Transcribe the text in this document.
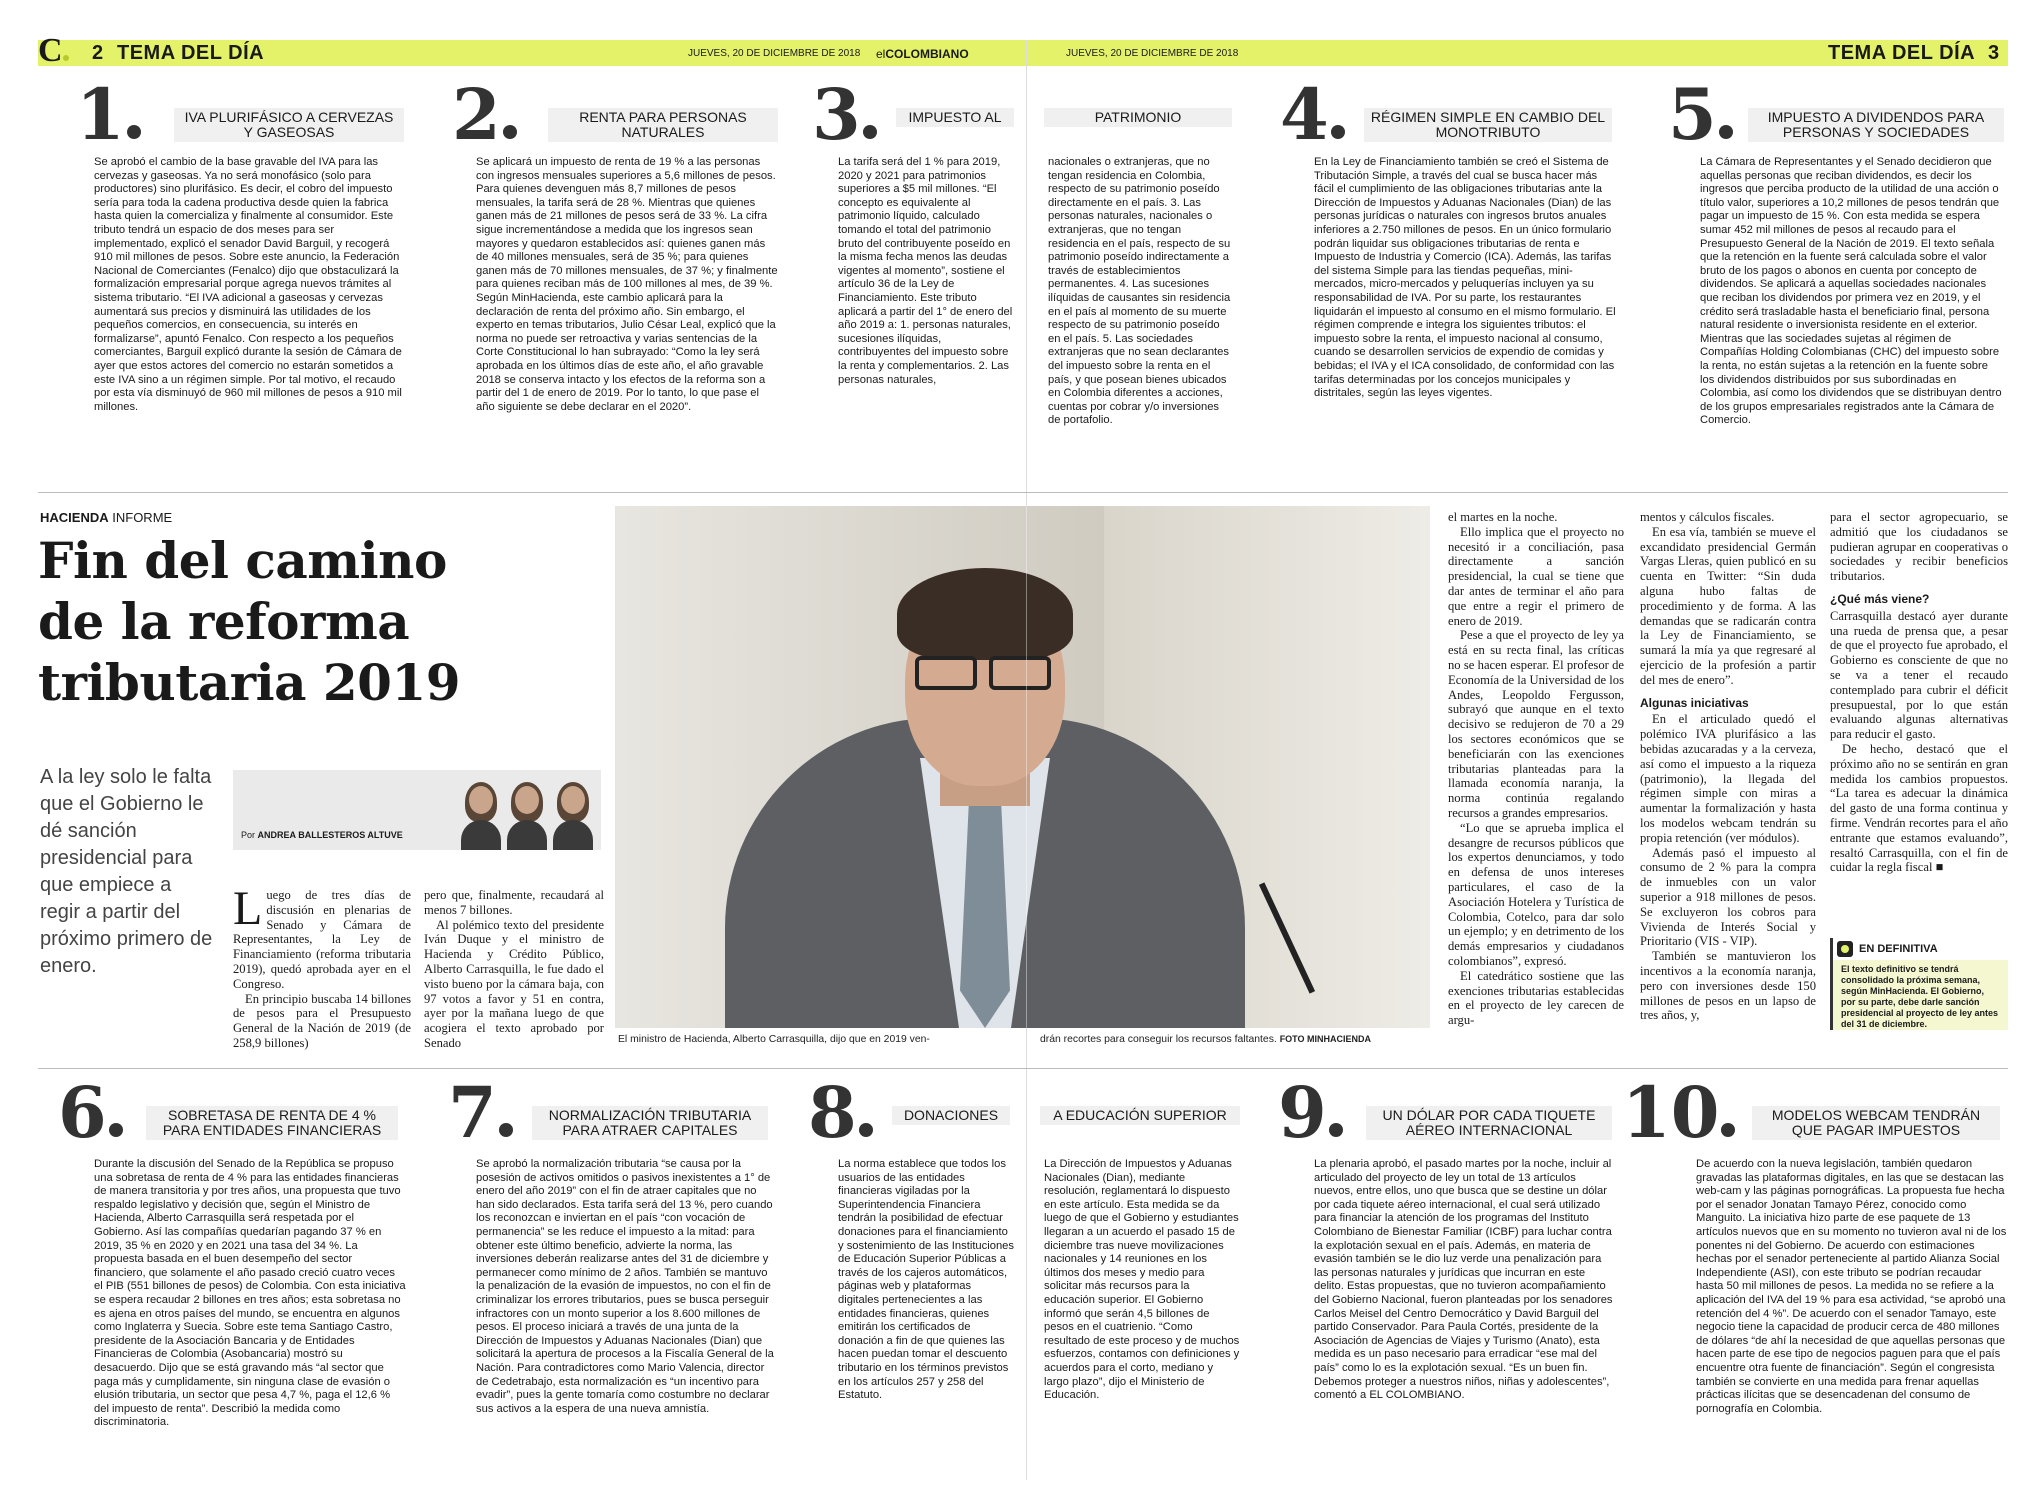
C	2 TEMA DEL DÍA	JUEVES, 20 DE DICIEMBRE DE 2018 elCOLOMBIANO	JUEVES, 20 DE DICIEMBRE DE 2018	TEMA DEL DÍA 3
1	IVA PLURIFÁSICO A CERVEZAS Y GASEOSAS
Se aprobó el cambio de la base gravable del IVA para las cervezas y gaseosas. Ya no será monofásico (solo para productores) sino plurifásico. Es decir, el cobro del impuesto sería para toda la cadena productiva desde quien la fabrica hasta quien la comercializa y finalmente al consumidor. Este tributo tendrá un espacio de dos meses para ser implementado, explicó el senador David Barguil, y recogerá 910 mil millones de pesos. Sobre este anuncio, la Federación Nacional de Comerciantes (Fenalco) dijo que obstaculizará la formalización empresarial porque agrega nuevos trámites al sistema tributario. “El IVA adicional a gaseosas y cervezas aumentará sus precios y disminuirá las utilidades de los pequeños comercios, en consecuencia, su interés en formalizarse”, apuntó Fenalco. Con respecto a los pequeños comerciantes, Barguil explicó durante la sesión de Cámara de ayer que estos actores del comercio no estarán sometidos a este IVA sino a un régimen simple. Por tal motivo, el recaudo por esta vía disminuyó de 960 mil millones de pesos a 910 mil millones.
2	RENTA PARA PERSONAS NATURALES
Se aplicará un impuesto de renta de 19 % a las personas con ingresos mensuales superiores a 5,6 millones de pesos. Para quienes devenguen más 8,7 millones de pesos mensuales, la tarifa será de 28 %. Mientras que quienes ganen más de 21 millones de pesos será de 33 %. La cifra sigue incrementándose a medida que los ingresos sean mayores y quedaron establecidos así: quienes ganen más de 40 millones mensuales, será de 35 %; para quienes ganen más de 70 millones mensuales, de 37 %; y finalmente para quienes reciban más de 100 millones al mes, de 39 %. Según MinHacienda, este cambio aplicará para la declaración de renta del próximo año. Sin embargo, el experto en temas tributarios, Julio César Leal, explicó que la norma no puede ser retroactiva y varias sentencias de la Corte Constitucional lo han subrayado: “Como la ley será aprobada en los últimos días de este año, el año gravable 2018 se conserva intacto y los efectos de la reforma son a partir del 1 de enero de 2019. Por lo tanto, lo que pase el año siguiente se debe declarar en el 2020”.
3	IMPUESTO AL	PATRIMONIO
La tarifa será del 1 % para 2019, 2020 y 2021 para patrimonios superiores a $5 mil millones. “El concepto es equivalente al patrimonio líquido, calculado tomando el total del patrimonio bruto del contribuyente poseído en la misma fecha menos las deudas vigentes al momento”, sostiene el artículo 36 de la Ley de Financiamiento. Este tributo aplicará a partir del 1° de enero del año 2019 a: 1. personas naturales, sucesiones ilíquidas, contribuyentes del impuesto sobre la renta y complementarios. 2. Las personas naturales,
nacionales o extranjeras, que no tengan residencia en Colombia, respecto de su patrimonio poseído directamente en el país. 3. Las personas naturales, nacionales o extranjeras, que no tengan residencia en el país, respecto de su patrimonio poseído indirectamente a través de establecimientos permanentes. 4. Las sucesiones ilíquidas de causantes sin residencia en el país al momento de su muerte respecto de su patrimonio poseído en el país. 5. Las sociedades extranjeras que no sean declarantes del impuesto sobre la renta en el país, y que posean bienes ubicados en Colombia diferentes a acciones, cuentas por cobrar y/o inversiones de portafolio.
4	RÉGIMEN SIMPLE EN CAMBIO DEL MONOTRIBUTO
En la Ley de Financiamiento también se creó el Sistema de Tributación Simple, a través del cual se busca hacer más fácil el cumplimiento de las obligaciones tributarias ante la Dirección de Impuestos y Aduanas Nacionales (Dian) de las personas jurídicas o naturales con ingresos brutos anuales inferiores a 2.750 millones de pesos. En un único formulario podrán liquidar sus obligaciones tributarias de renta e Impuesto de Industria y Comercio (ICA). Además, las tarifas del sistema Simple para las tiendas pequeñas, mini-mercados, micro-mercados y peluquerías incluyen ya su responsabilidad de IVA. Por su parte, los restaurantes liquidarán el impuesto al consumo en el mismo formulario. El régimen comprende e integra los siguientes tributos: el impuesto sobre la renta, el impuesto nacional al consumo, cuando se desarrollen servicios de expendio de comidas y bebidas; el IVA y el ICA consolidado, de conformidad con las tarifas determinadas por los concejos municipales y distritales, según las leyes vigentes.
5	IMPUESTO A DIVIDENDOS PARA PERSONAS Y SOCIEDADES
La Cámara de Representantes y el Senado decidieron que aquellas personas que reciban dividendos, es decir los ingresos que perciba producto de la utilidad de una acción o título valor, superiores a 10,2 millones de pesos tendrán que pagar un impuesto de 15 %. Con esta medida se espera sumar 452 mil millones de pesos al recaudo para el Presupuesto General de la Nación de 2019. El texto señala que la retención en la fuente será calculada sobre el valor bruto de los pagos o abonos en cuenta por concepto de dividendos. Se aplicará a aquellas sociedades nacionales que reciban los dividendos por primera vez en 2019, y el crédito será trasladable hasta el beneficiario final, persona natural residente o inversionista residente en el exterior. Mientras que las sociedades sujetas al régimen de Compañías Holding Colombianas (CHC) del impuesto sobre la renta, no están sujetas a la retención en la fuente sobre los dividendos distribuidos por sus subordinadas en Colombia, así como los dividendos que se distribuyan dentro de los grupos empresariales registrados ante la Cámara de Comercio.
HACIENDA INFORME
Fin del camino de la reforma tributaria 2019
A la ley solo le falta que el Gobierno le dé sanción presidencial para que empiece a regir a partir del próximo primero de enero.
Por ANDREA BALLESTEROS ALTUVE

Luego de tres días de discusión en plenarias de Senado y Cámara de Representantes, la Ley de Financiamiento (reforma tributaria 2019), quedó aprobada ayer en el Congreso.

En principio buscaba 14 billones de pesos para el Presupuesto General de la Nación de 2019 (de 258,9 billones)

pero que, finalmente, recaudará al menos 7 billones.

Al polémico texto del presidente Iván Duque y el ministro de Hacienda y Crédito Público, Alberto Carrasquilla, le fue dado el visto bueno por la cámara baja, con 97 votos a favor y 51 en contra, ayer por la mañana luego de que acogiera el texto aprobado por Senado	El ministro de Hacienda, Alberto Carrasquilla, dijo que en 2019 ven-	drán recortes para conseguir los recursos faltantes. FOTO MINHACIENDA

el martes en la noche.

Ello implica que el proyecto no necesitó ir a conciliación, pasa directamente a sanción presidencial, la cual se tiene que dar antes de terminar el año para que entre a regir el primero de enero de 2019.

Pese a que el proyecto de ley ya está en su recta final, las críticas no se hacen esperar. El profesor de Economía de la Universidad de los Andes, Leopoldo Fergusson, subrayó que aunque en el texto decisivo se redujeron de 70 a 29 los sectores económicos que se beneficiarán con las exenciones tributarias planteadas para la llamada economía naranja, la norma continúa regalando recursos a grandes empresarios.

“Lo que se aprueba implica el desangre de recursos públicos que los expertos denunciamos, y todo en defensa de unos intereses particulares, el caso de la Asociación Hotelera y Turística de Colombia, Cotelco, para dar solo un ejemplo; y en detrimento de los demás empresarios y ciudadanos colombianos”, expresó.

El catedrático sostiene que las exenciones tributarias establecidas en el proyecto de ley carecen de argu-

mentos y cálculos fiscales.

En esa vía, también se mueve el excandidato presidencial Germán Vargas Lleras, quien publicó en su cuenta en Twitter: “Sin duda alguna hubo faltas de procedimiento y de forma. A las demandas que se radicarán contra la Ley de Financiamiento, se sumará la mía ya que regresaré al ejercicio de la profesión a partir del mes de enero”.

Algunas iniciativas

En el articulado quedó el polémico IVA plurifásico a las bebidas azucaradas y a la cerveza, así como el impuesto a la riqueza (patrimonio), la llegada del régimen simple con miras a aumentar la formalización y hasta los modelos webcam tendrán su propia retención (ver módulos).

Además pasó el impuesto al consumo de 2 % para la compra de inmuebles con un valor superior a 918 millones de pesos. Se excluyeron los cobros para Vivienda de Interés Social y Prioritario (VIS - VIP).

También se mantuvieron los incentivos a la economía naranja, pero con inversiones desde 150 millones de pesos en un lapso de tres años, y,

para el sector agropecuario, se admitió que los ciudadanos se pudieran agrupar en cooperativas o sociedades y recibir beneficios tributarios.

¿Qué más viene?

Carrasquilla destacó ayer durante una rueda de prensa que, a pesar de que el proyecto fue aprobado, el Gobierno es consciente de que no se va a tener el recaudo contemplado para cubrir el déficit presupuestal, por lo que están evaluando algunas alternativas para reducir el gasto.

De hecho, destacó que el próximo año no se sentirán en gran medida los cambios propuestos. “La tarea es adecuar la dinámica del gasto de una forma continua y firme. Vendrán recortes para el año entrante que estamos evaluando”, resaltó Carrasquilla, con el fin de cuidar la regla fiscal ■

EN DEFINITIVA
El texto definitivo se tendrá consolidado la próxima semana, según MinHacienda. El Gobierno, por su parte, debe darle sanción presidencial al proyecto de ley antes del 31 de diciembre.
6	SOBRETASA DE RENTA DE 4 % PARA ENTIDADES FINANCIERAS
Durante la discusión del Senado de la República se propuso una sobretasa de renta de 4 % para las entidades financieras de manera transitoria y por tres años, una propuesta que tuvo respaldo legislativo y decisión que, según el Ministro de Hacienda, Alberto Carrasquilla será respetada por el Gobierno. Así las compañías quedarían pagando 37 % en 2019, 35 % en 2020 y en 2021 una tasa del 34 %. La propuesta basada en el buen desempeño del sector financiero, que solamente el año pasado creció cuatro veces el PIB (551 billones de pesos) de Colombia. Con esta iniciativa se espera recaudar 2 billones en tres años; esta sobretasa no es ajena en otros países del mundo, se encuentra en algunos como Inglaterra y Suecia. Sobre este tema Santiago Castro, presidente de la Asociación Bancaria y de Entidades Financieras de Colombia (Asobancaria) mostró su desacuerdo. Dijo que se está gravando más “al sector que paga más y cumplidamente, sin ninguna clase de evasión o elusión tributaria, un sector que pesa 4,7 %, paga el 12,6 % del impuesto de renta”. Describió la medida como discriminatoria.
7	NORMALIZACIÓN TRIBUTARIA PARA ATRAER CAPITALES
Se aprobó la normalización tributaria “se causa por la posesión de activos omitidos o pasivos inexistentes a 1° de enero del año 2019” con el fin de atraer capitales que no han sido declarados. Esta tarifa será del 13 %, pero cuando los reconozcan e inviertan en el país “con vocación de permanencia” se les reduce el impuesto a la mitad: para obtener este último beneficio, advierte la norma, las inversiones deberán realizarse antes del 31 de diciembre y permanecer como mínimo de 2 años. También se mantuvo la penalización de la evasión de impuestos, no con el fin de criminalizar los errores tributarios, pues se busca perseguir infractores con un monto superior a los 8.600 millones de pesos. El proceso iniciará a través de una junta de la Dirección de Impuestos y Aduanas Nacionales (Dian) que solicitará la apertura de procesos a la Fiscalía General de la Nación. Para contradictores como Mario Valencia, director de Cedetrabajo, esta normalización es “un incentivo para evadir”, pues la gente tomaría como costumbre no declarar sus activos a la espera de una nueva amnistía.
8	DONACIONES	A EDUCACIÓN SUPERIOR
La norma establece que todos los usuarios de las entidades financieras vigiladas por la Superintendencia Financiera tendrán la posibilidad de efectuar donaciones para el financiamiento y sostenimiento de las Instituciones de Educación Superior Públicas a través de los cajeros automáticos, páginas web y plataformas digitales pertenecientes a las entidades financieras, quienes emitirán los certificados de donación a fin de que quienes las hacen puedan tomar el descuento tributario en los términos previstos en los artículos 257 y 258 del Estatuto.
La Dirección de Impuestos y Aduanas Nacionales (Dian), mediante resolución, reglamentará lo dispuesto en este artículo. Esta medida se da luego de que el Gobierno y estudiantes llegaran a un acuerdo el pasado 15 de diciembre tras nueve movilizaciones nacionales y 14 reuniones en los últimos dos meses y medio para solicitar más recursos para la educación superior. El Gobierno informó que serán 4,5 billones de pesos en el cuatrienio. “Como resultado de este proceso y de muchos esfuerzos, contamos con definiciones y acuerdos para el corto, mediano y largo plazo”, dijo el Ministerio de Educación.
9	UN DÓLAR POR CADA TIQUETE AÉREO INTERNACIONAL
La plenaria aprobó, el pasado martes por la noche, incluir al articulado del proyecto de ley un total de 13 artículos nuevos, entre ellos, uno que busca que se destine un dólar por cada tiquete aéreo internacional, el cual será utilizado para financiar la atención de los programas del Instituto Colombiano de Bienestar Familiar (ICBF) para luchar contra la explotación sexual en el país. Además, en materia de evasión también se le dio luz verde una penalización para las personas naturales y jurídicas que incurran en este delito. Estas propuestas, que no tuvieron acompañamiento del Gobierno Nacional, fueron planteadas por los senadores Carlos Meisel del Centro Democrático y David Barguil del partido Conservador. Para Paula Cortés, presidente de la Asociación de Agencias de Viajes y Turismo (Anato), esta medida es un paso necesario para erradicar “ese mal del país” como lo es la explotación sexual. “Es un buen fin. Debemos proteger a nuestros niños, niñas y adolescentes”, comentó a EL COLOMBIANO.
10	MODELOS WEBCAM TENDRÁN QUE PAGAR IMPUESTOS
De acuerdo con la nueva legislación, también quedaron gravadas las plataformas digitales, en las que se destacan las web-cam y las páginas pornográficas. La propuesta fue hecha por el senador Jonatan Tamayo Pérez, conocido como Manguito. La iniciativa hizo parte de ese paquete de 13 artículos nuevos que en su momento no tuvieron aval ni de los ponentes ni del Gobierno. De acuerdo con estimaciones hechas por el senador perteneciente al partido Alianza Social Independiente (ASI), con este tributo se podrían recaudar hasta 50 mil millones de pesos. La medida no se refiere a la aplicación del IVA del 19 % para esa actividad, “se aprobó una retención del 4 %”. De acuerdo con el senador Tamayo, este negocio tiene la capacidad de producir cerca de 480 millones de dólares “de ahí la necesidad de que aquellas personas que hacen parte de ese tipo de negocios paguen para que el país encuentre otra fuente de financiación”. Según el congresista también se convierte en una medida para frenar aquellas prácticas ilícitas que se desencadenan del consumo de pornografía en Colombia.
